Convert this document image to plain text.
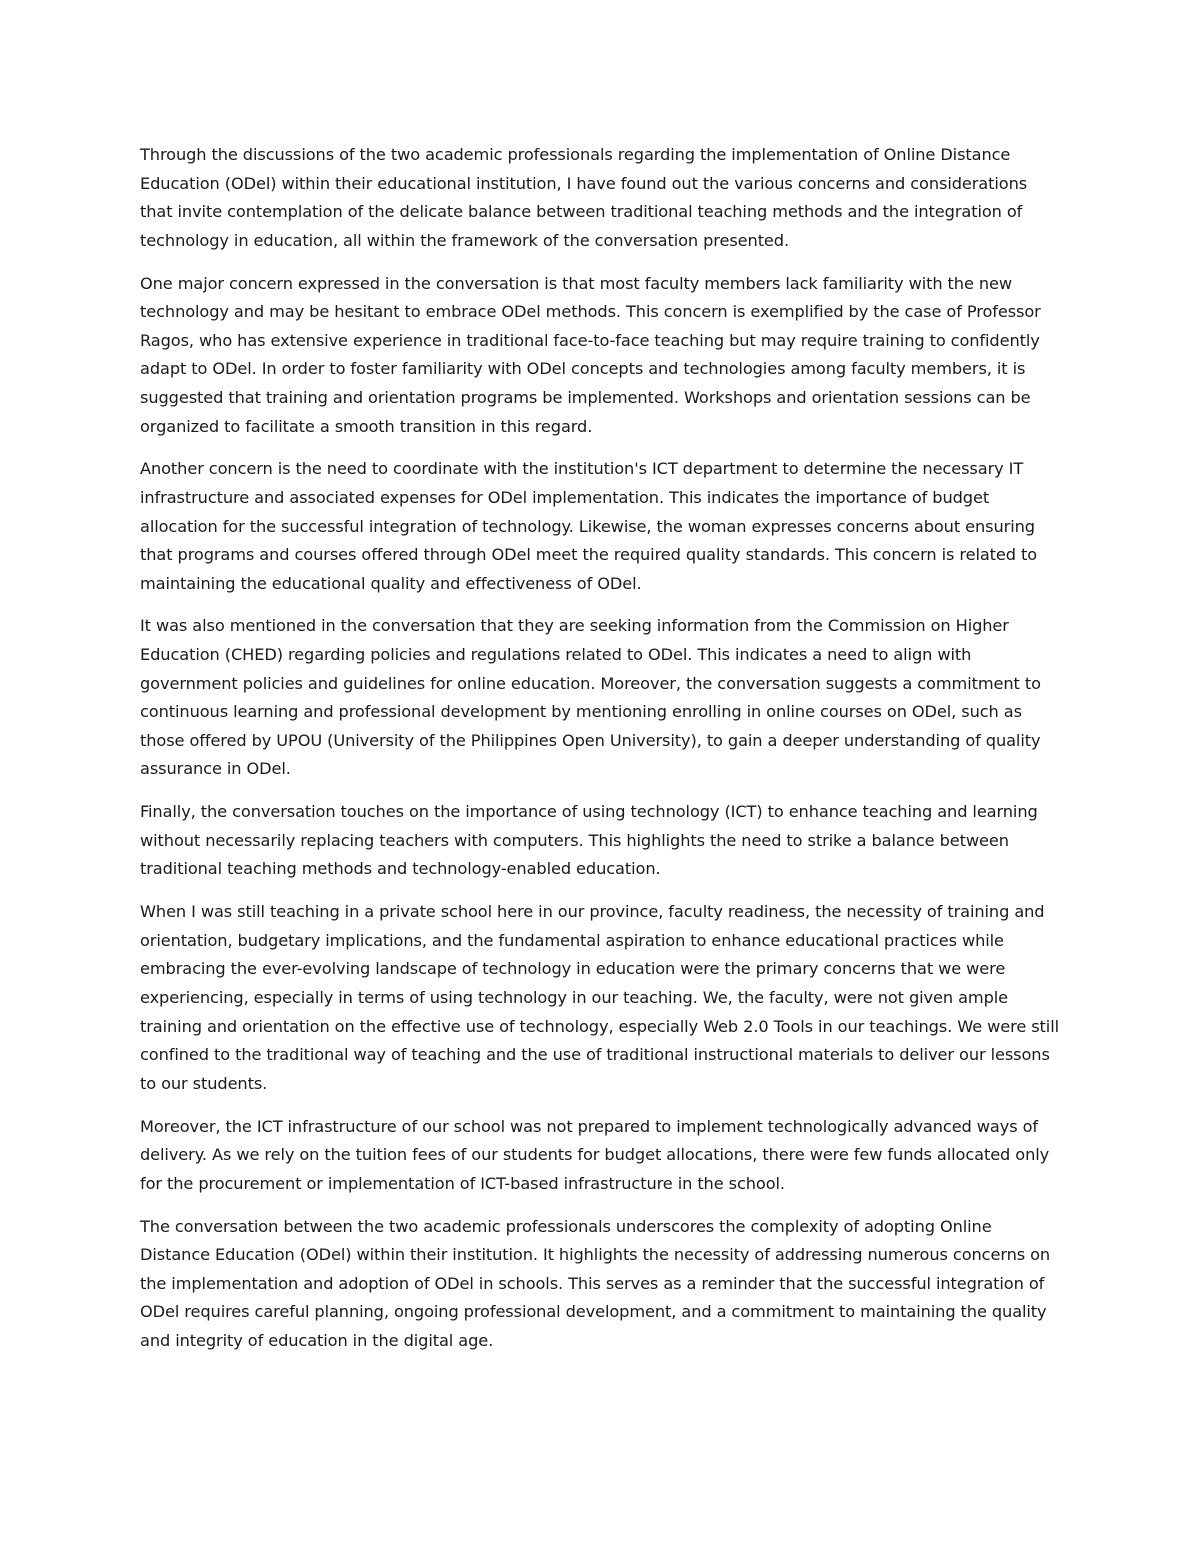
Through the discussions of the two academic professionals regarding the implementation of Online Distance Education (ODel) within their educational institution, I have found out the various concerns and considerations that invite contemplation of the delicate balance between traditional teaching methods and the integration of technology in education, all within the framework of the conversation presented.

One major concern expressed in the conversation is that most faculty members lack familiarity with the new technology and may be hesitant to embrace ODel methods. This concern is exemplified by the case of Professor Ragos, who has extensive experience in traditional face-to-face teaching but may require training to confidently adapt to ODel. In order to foster familiarity with ODel concepts and technologies among faculty members, it is suggested that training and orientation programs be implemented. Workshops and orientation sessions can be organized to facilitate a smooth transition in this regard.

Another concern is the need to coordinate with the institution's ICT department to determine the necessary IT infrastructure and associated expenses for ODel implementation. This indicates the importance of budget allocation for the successful integration of technology. Likewise, the woman expresses concerns about ensuring that programs and courses offered through ODel meet the required quality standards. This concern is related to maintaining the educational quality and effectiveness of ODel.

It was also mentioned in the conversation that they are seeking information from the Commission on Higher Education (CHED) regarding policies and regulations related to ODel. This indicates a need to align with government policies and guidelines for online education. Moreover, the conversation suggests a commitment to continuous learning and professional development by mentioning enrolling in online courses on ODel, such as those offered by UPOU (University of the Philippines Open University), to gain a deeper understanding of quality assurance in ODel.

Finally, the conversation touches on the importance of using technology (ICT) to enhance teaching and learning without necessarily replacing teachers with computers. This highlights the need to strike a balance between traditional teaching methods and technology-enabled education.

When I was still teaching in a private school here in our province, faculty readiness, the necessity of training and orientation, budgetary implications, and the fundamental aspiration to enhance educational practices while embracing the ever-evolving landscape of technology in education were the primary concerns that we were experiencing, especially in terms of using technology in our teaching. We, the faculty, were not given ample training and orientation on the effective use of technology, especially Web 2.0 Tools in our teachings. We were still confined to the traditional way of teaching and the use of traditional instructional materials to deliver our lessons to our students.

Moreover, the ICT infrastructure of our school was not prepared to implement technologically advanced ways of delivery. As we rely on the tuition fees of our students for budget allocations, there were few funds allocated only for the procurement or implementation of ICT-based infrastructure in the school.

The conversation between the two academic professionals underscores the complexity of adopting Online Distance Education (ODel) within their institution. It highlights the necessity of addressing numerous concerns on the implementation and adoption of ODel in schools. This serves as a reminder that the successful integration of ODel requires careful planning, ongoing professional development, and a commitment to maintaining the quality and integrity of education in the digital age.
